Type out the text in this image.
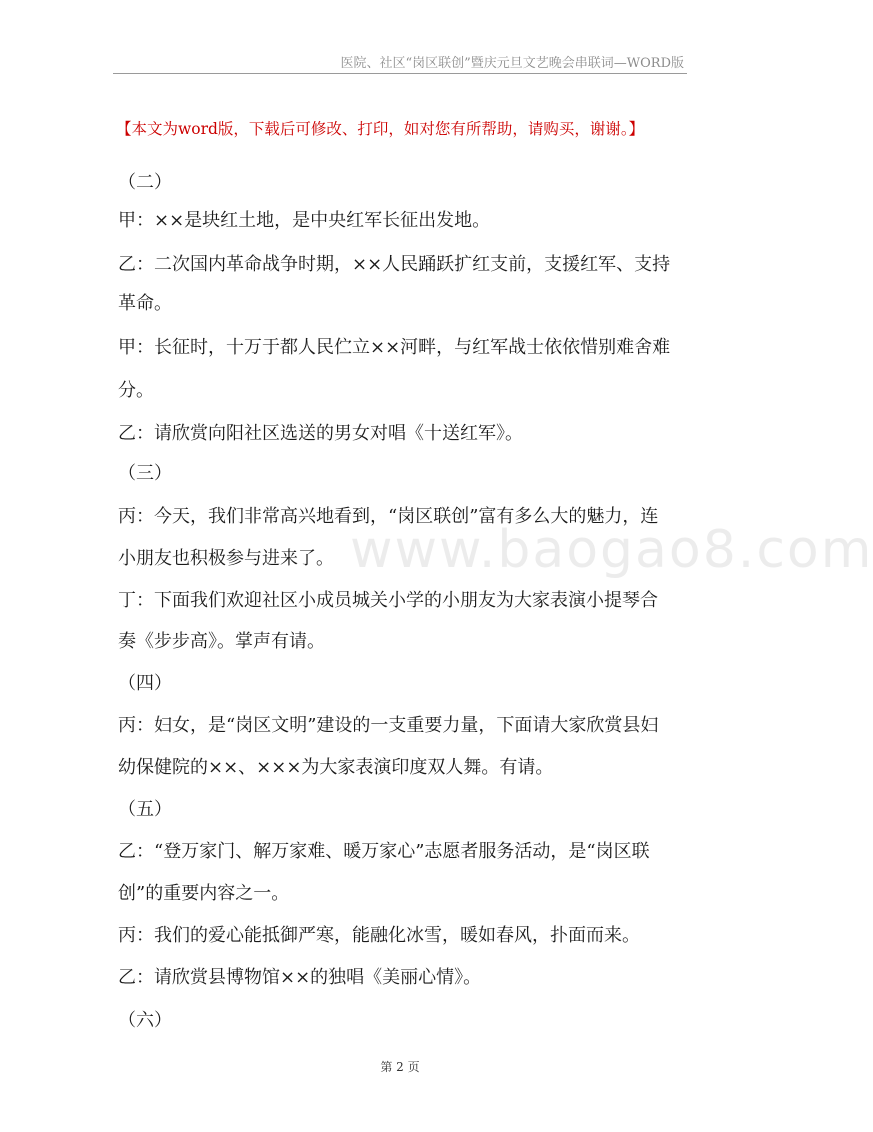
医院、社区“岗区联创”暨庆元旦文艺晚会串联词—WORD版
【本文为word版，下载后可修改、打印，如对您有所帮助，请购买，谢谢。】
（二）
甲：××是块红土地，是中央红军长征出发地。
乙：二次国内革命战争时期，××人民踊跃扩红支前，支援红军、支持
革命。
甲：长征时，十万于都人民伫立××河畔，与红军战士依依惜别难舍难
分。
乙：请欣赏向阳社区选送的男女对唱《十送红军》。
（三）
丙：今天，我们非常高兴地看到，“岗区联创”富有多么大的魅力，连
小朋友也积极参与进来了。
丁：下面我们欢迎社区小成员城关小学的小朋友为大家表演小提琴合
奏《步步高》。掌声有请。
（四）
丙：妇女，是“岗区文明”建设的一支重要力量，下面请大家欣赏县妇
幼保健院的××、×××为大家表演印度双人舞。有请。
（五）
乙：“登万家门、解万家难、暖万家心”志愿者服务活动，是“岗区联
创”的重要内容之一。
丙：我们的爱心能抵御严寒，能融化冰雪，暖如春风，扑面而来。
乙：请欣赏县博物馆××的独唱《美丽心情》。
（六）
www.baogao8.com
第 2 页
